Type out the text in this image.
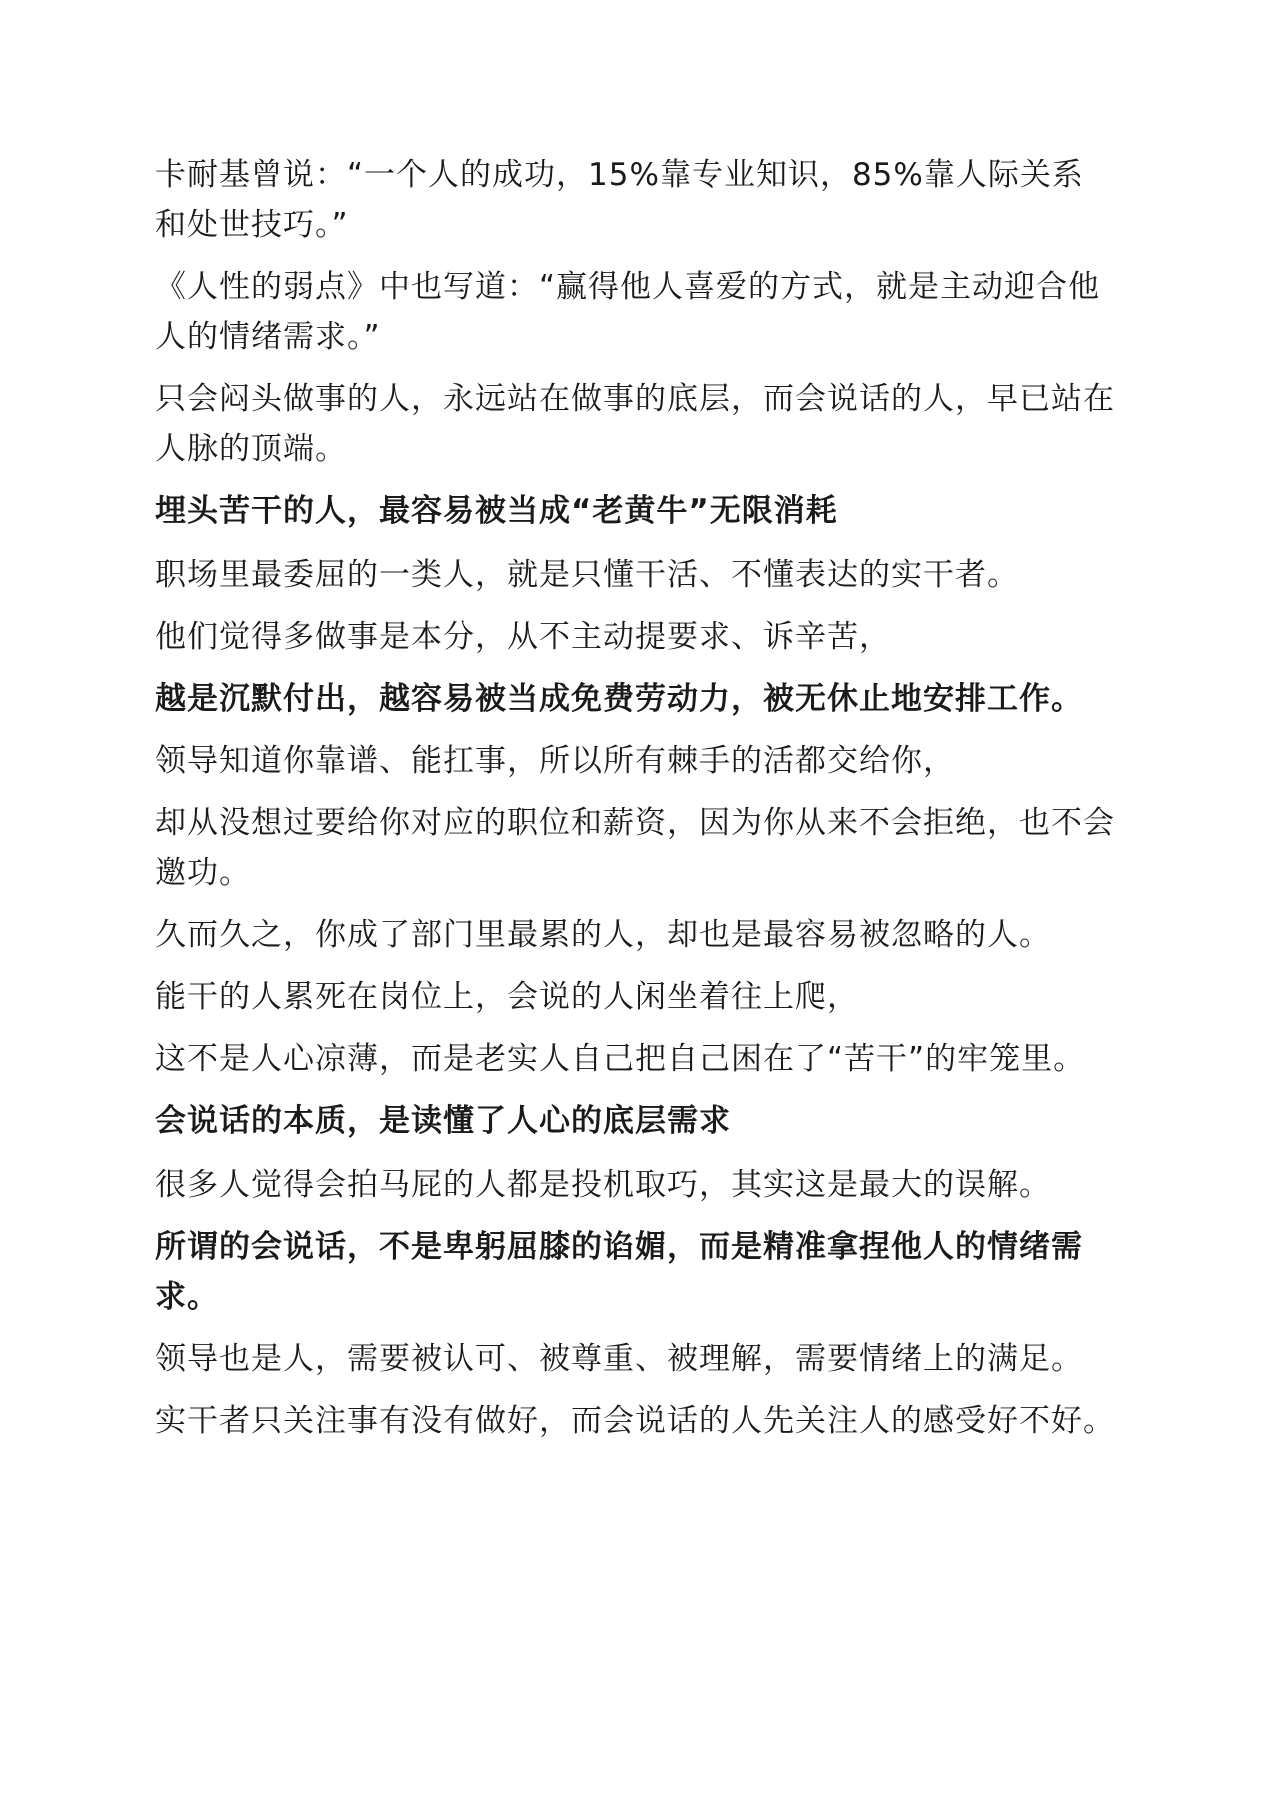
卡耐基曾说：“一个人的成功，15%靠专业知识，85%靠人际关系和处世技巧。”

《人性的弱点》中也写道：“赢得他人喜爱的方式，就是主动迎合他人的情绪需求。”

只会闷头做事的人，永远站在做事的底层，而会说话的人，早已站在人脉的顶端。

埋头苦干的人，最容易被当成“老黄牛”无限消耗

职场里最委屈的一类人，就是只懂干活、不懂表达的实干者。

他们觉得多做事是本分，从不主动提要求、诉辛苦，

越是沉默付出，越容易被当成免费劳动力，被无休止地安排工作。

领导知道你靠谱、能扛事，所以所有棘手的活都交给你，

却从没想过要给你对应的职位和薪资，因为你从来不会拒绝，也不会邀功。

久而久之，你成了部门里最累的人，却也是最容易被忽略的人。

能干的人累死在岗位上，会说的人闲坐着往上爬，

这不是人心凉薄，而是老实人自己把自己困在了“苦干”的牢笼里。

会说话的本质，是读懂了人心的底层需求

很多人觉得会拍马屁的人都是投机取巧，其实这是最大的误解。

所谓的会说话，不是卑躬屈膝的谄媚，而是精准拿捏他人的情绪需求。

领导也是人，需要被认可、被尊重、被理解，需要情绪上的满足。

实干者只关注事有没有做好，而会说话的人先关注人的感受好不好。
